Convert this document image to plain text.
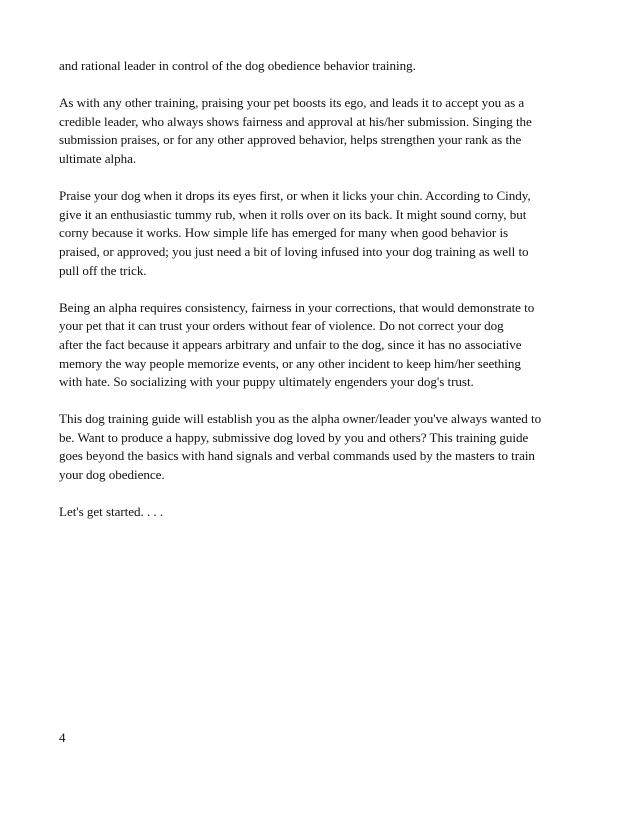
and rational leader in control of the dog obedience behavior training.

As with any other training, praising your pet boosts its ego, and leads it to accept you as a
credible leader, who always shows fairness and approval at his/her submission. Singing the
submission praises, or for any other approved behavior, helps strengthen your rank as the
ultimate alpha.

Praise your dog when it drops its eyes first, or when it licks your chin. According to Cindy,
give it an enthusiastic tummy rub, when it rolls over on its back. It might sound corny, but
corny because it works. How simple life has emerged for many when good behavior is
praised, or approved; you just need a bit of loving infused into your dog training as well to
pull off the trick.

Being an alpha requires consistency, fairness in your corrections, that would demonstrate to
your pet that it can trust your orders without fear of violence. Do not correct your dog
after the fact because it appears arbitrary and unfair to the dog, since it has no associative
memory the way people memorize events, or any other incident to keep him/her seething
with hate. So socializing with your puppy ultimately engenders your dog's trust.

This dog training guide will establish you as the alpha owner/leader you've always wanted to
be. Want to produce a happy, submissive dog loved by you and others? This training guide
goes beyond the basics with hand signals and verbal commands used by the masters to train
your dog obedience.

Let's get started. . . .

4
